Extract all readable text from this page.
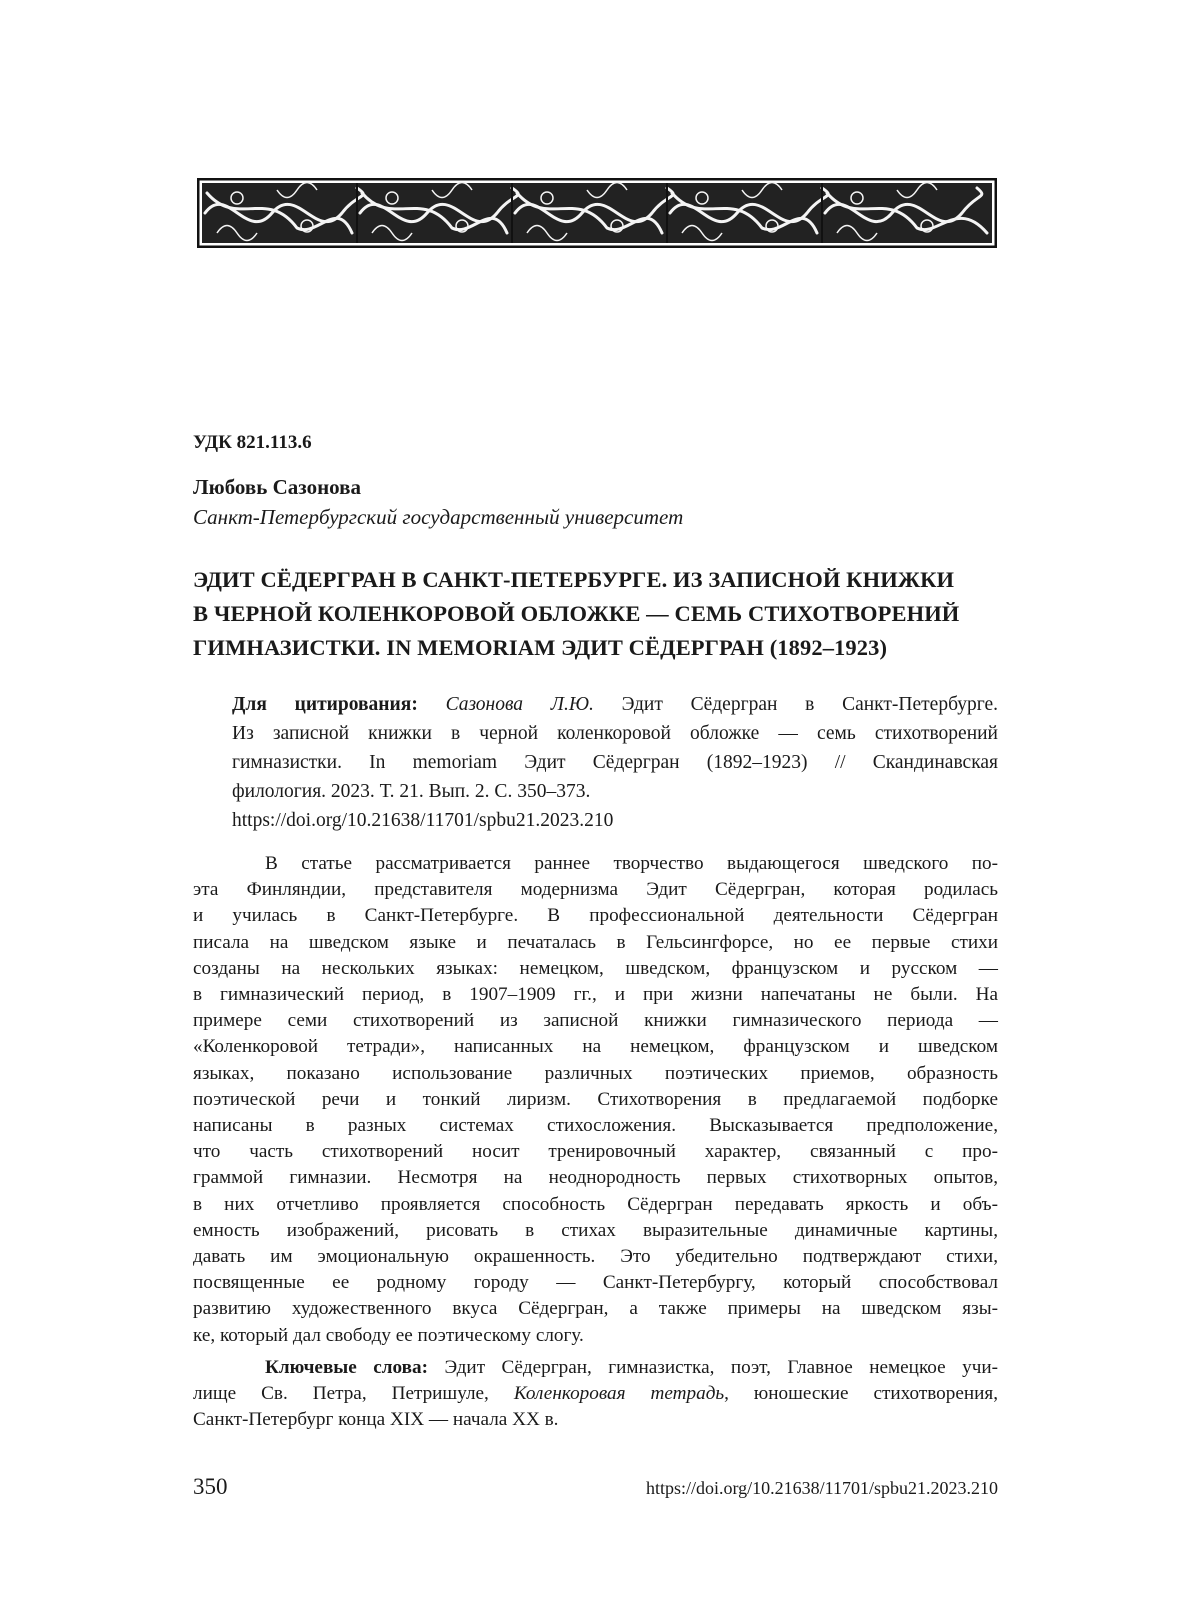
УДК 821.113.6
Любовь Сазонова
Санкт-Петербургский государственный университет
ЭДИТ СЁДЕРГРАН В САНКТ-ПЕТЕРБУРГЕ. ИЗ ЗАПИСНОЙ КНИЖКИ
В ЧЕРНОЙ КОЛЕНКОРОВОЙ ОБЛОЖКЕ — СЕМЬ СТИХОТВОРЕНИЙ
ГИМНАЗИСТКИ. IN MEMORIAM ЭДИТ СЁДЕРГРАН (1892–1923)
Для цитирования: Сазонова Л.Ю. Эдит Сёдергран в Санкт-Петербурге.
Из записной книжки в черной коленкоровой обложке — семь стихотворений
гимназистки. In memoriam Эдит Сёдергран (1892–1923) // Скандинавская
филология. 2023. Т. 21. Вып. 2. С. 350–373.
https://doi.org/10.21638/11701/spbu21.2023.210
В статье рассматривается раннее творчество выдающегося шведского по-
эта Финляндии, представителя модернизма Эдит Сёдергран, которая родилась
и училась в Санкт-Петербурге. В профессиональной деятельности Сёдергран
писала на шведском языке и печаталась в Гельсингфорсе, но ее первые стихи
созданы на нескольких языках: немецком, шведском, французском и русском —
в гимназический период, в 1907–1909 гг., и при жизни напечатаны не были. На
примере семи стихотворений из записной книжки гимназического периода —
«Коленкоровой тетради», написанных на немецком, французском и шведском
языках, показано использование различных поэтических приемов, образность
поэтической речи и тонкий лиризм. Стихотворения в предлагаемой подборке
написаны в разных системах стихосложения. Высказывается предположение,
что часть стихотворений носит тренировочный характер, связанный с про-
граммой гимназии. Несмотря на неоднородность первых стихотворных опытов,
в них отчетливо проявляется способность Сёдергран передавать яркость и объ-
емность изображений, рисовать в стихах выразительные динамичные картины,
давать им эмоциональную окрашенность. Это убедительно подтверждают стихи,
посвященные ее родному городу — Санкт-Петербургу, который способствовал
развитию художественного вкуса Сёдергран, а также примеры на шведском язы-
ке, который дал свободу ее поэтическому слогу.
Ключевые слова: Эдит Сёдергран, гимназистка, поэт, Главное немецкое учи-
лище Св. Петра, Петришуле, Коленкоровая тетрадь, юношеские стихотворения,
Санкт-Петербург конца XIX — начала XX в.
350	https://doi.org/10.21638/11701/spbu21.2023.210
